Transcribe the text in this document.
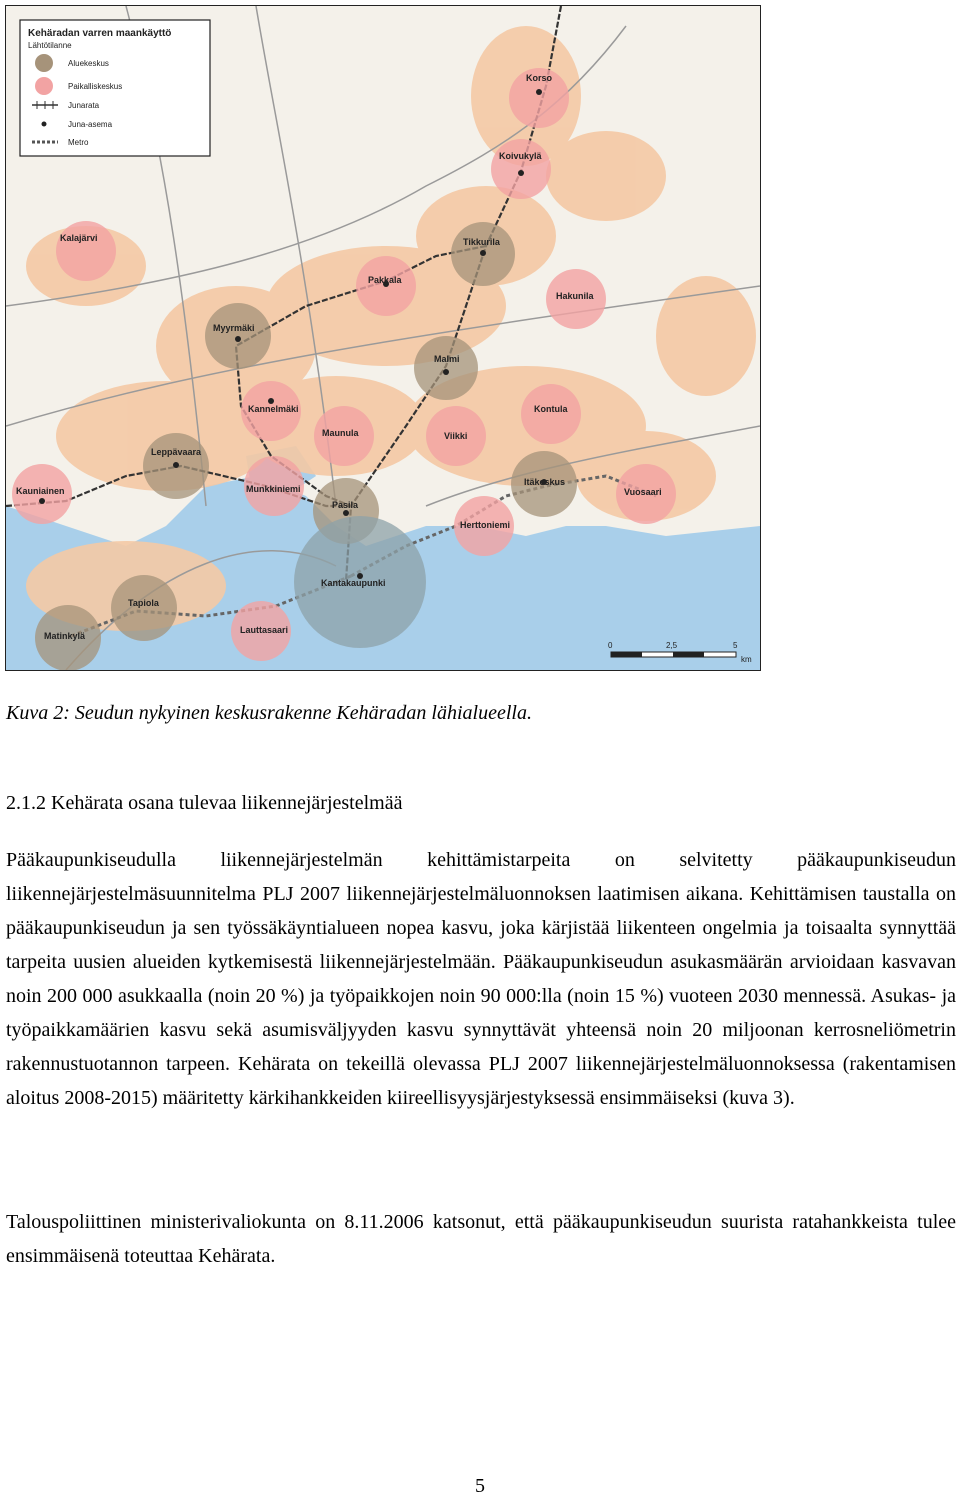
Korso
Koivukylä
Kalajärvi	Tikkurila
Pakkala
Hakunila
Myyrmäki
Malmi
Kannelmäki
Maunula
Kontula
Viikki
Leppävaara
Kauniainen	Munkkiniemi
Itäkeskus
Vuosaari
Pasila
Herttoniemi
Kantakaupunki
Tapiola
Lauttasaari
Matinkylä
Kehäradan varren maankäyttö
Lähtötilanne
Aluekeskus
Paikalliskeskus
Junarata
Juna-asema
Metro
0	2,5	5
km
Kuva 2: Seudun nykyinen keskusrakenne Kehäradan lähialueella.
2.1.2 Kehärata osana tulevaa liikennejärjestelmää

Pääkaupunkiseudulla liikennejärjestelmän kehittämistarpeita on selvitetty pääkaupunkiseudun liikennejärjestelmäsuunnitelma PLJ 2007 liikennejärjestelmäluonnoksen laatimisen aikana. Kehittämisen taustalla on pääkaupunkiseudun ja sen työssäkäyntialueen nopea kasvu, joka kärjistää liikenteen ongelmia ja toisaalta synnyttää tarpeita uusien alueiden kytkemisestä liikennejärjestelmään. Pääkaupunkiseudun asukasmäärän arvioidaan kasvavan noin 200 000 asukkaalla (noin 20 %) ja työpaikkojen noin 90 000:lla (noin 15 %) vuoteen 2030 mennessä. Asukas- ja työpaikkamäärien kasvu sekä asumisväljyyden kasvu synnyttävät yhteensä noin 20 miljoonan kerrosneliömetrin rakennustuotannon tarpeen. Kehärata on tekeillä olevassa PLJ 2007 liikennejärjestelmäluonnoksessa (rakentamisen aloitus 2008-2015) määritetty kärkihankkeiden kiireellisyysjärjestyksessä ensimmäiseksi (kuva 3).

Talouspoliittinen ministerivaliokunta on 8.11.2006 katsonut, että pääkaupunkiseudun suurista ratahankkeista tulee ensimmäisenä toteuttaa Kehärata.

5
